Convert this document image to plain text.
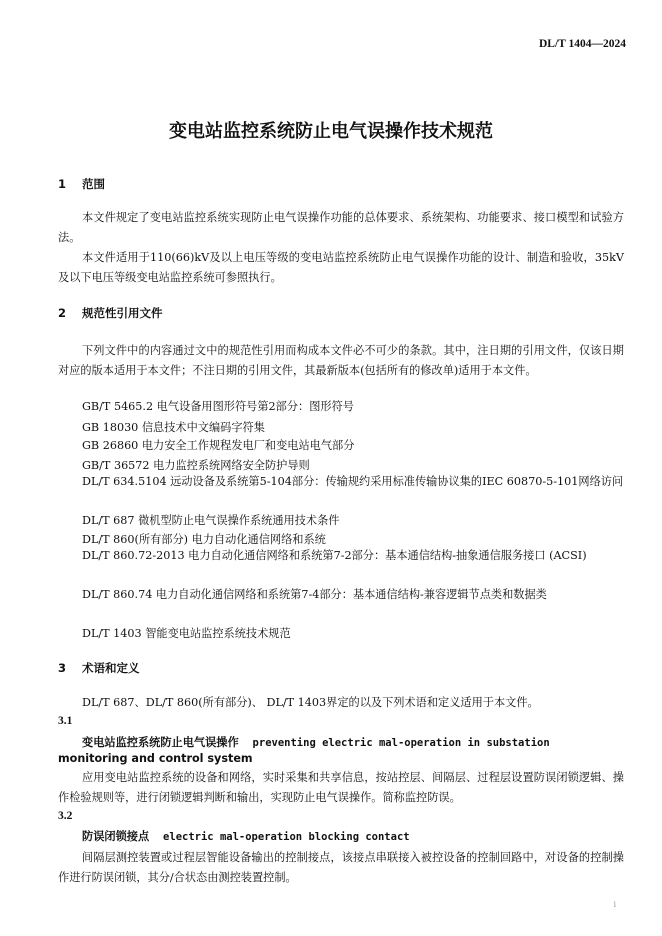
DL/T 1404—2024
变电站监控系统防止电气误操作技术规范
1 范围
本文件规定了变电站监控系统实现防止电气误操作功能的总体要求、系统架构、功能要求、接口模型和试验方法。
本文件适用于110(66)kV及以上电压等级的变电站监控系统防止电气误操作功能的设计、制造和验收，35kV及以下电压等级变电站监控系统可参照执行。
2 规范性引用文件
下列文件中的内容通过文中的规范性引用而构成本文件必不可少的条款。其中，注日期的引用文件，仅该日期对应的版本适用于本文件；不注日期的引用文件，其最新版本(包括所有的修改单)适用于本文件。
GB/T 5465.2 电气设备用图形符号第2部分：图形符号
GB 18030 信息技术中文编码字符集
GB 26860 电力安全工作规程发电厂和变电站电气部分
GB/T 36572 电力监控系统网络安全防护导则
DL/T 634.5104 远动设备及系统第5-104部分：传输规约采用标准传输协议集的IEC 60870-5-101网络访问
DL/T 687 微机型防止电气误操作系统通用技术条件
DL/T 860(所有部分) 电力自动化通信网络和系统
DL/T 860.72-2013 电力自动化通信网络和系统第7-2部分：基本通信结构-抽象通信服务接口 (ACSI)
DL/T 860.74 电力自动化通信网络和系统第7-4部分：基本通信结构-兼容逻辑节点类和数据类
DL/T 1403 智能变电站监控系统技术规范
3 术语和定义
DL/T 687、DL/T 860(所有部分)、 DL/T 1403界定的以及下列术语和定义适用于本文件。
3.1
变电站监控系统防止电气误操作 preventing electric mal-operation in substation
monitoring and control system
应用变电站监控系统的设备和网络，实时采集和共享信息，按站控层、间隔层、过程层设置防误闭锁逻辑、操作检验规则等，进行闭锁逻辑判断和输出，实现防止电气误操作。简称监控防误。
3.2
防误闭锁接点 electric mal-operation blocking contact
间隔层测控装置或过程层智能设备输出的控制接点，该接点串联接入被控设备的控制回路中，对设备的控制操作进行防误闭锁，其分/合状态由测控装置控制。
i
